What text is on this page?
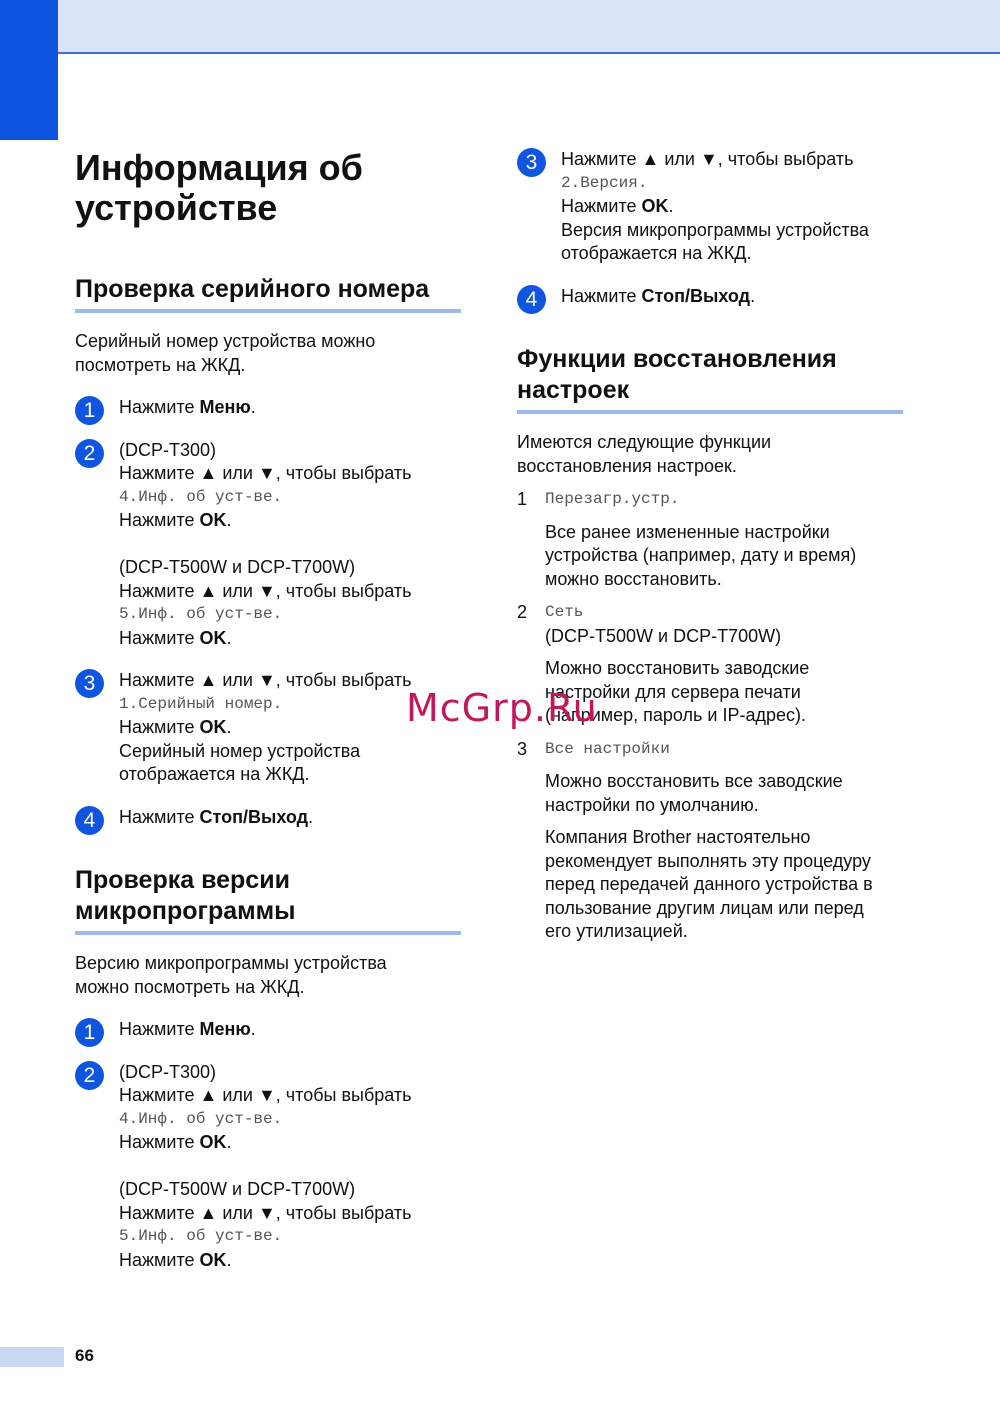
Информация об
устройстве
Проверка серийного номера

Серийный номер устройства можно
посмотреть на ЖКД.

1	Нажмите Меню.
2	(DCP-T300)
Нажмите ▲ или ▼, чтобы выбрать
4.Инф. об уст-ве.
Нажмите OK.
(DCP-T500W и DCP-T700W)
Нажмите ▲ или ▼, чтобы выбрать
5.Инф. об уст-ве.
Нажмите OK.
3	Нажмите ▲ или ▼, чтобы выбрать
1.Серийный номер.
Нажмите OK.
Серийный номер устройства
отображается на ЖКД.
4	Нажмите Стоп/Выход.
Проверка версии
микропрограммы

Версию микропрограммы устройства
можно посмотреть на ЖКД.

1	Нажмите Меню.
2	(DCP-T300)
Нажмите ▲ или ▼, чтобы выбрать
4.Инф. об уст-ве.
Нажмите OK.
(DCP-T500W и DCP-T700W)
Нажмите ▲ или ▼, чтобы выбрать
5.Инф. об уст-ве.
Нажмите OK.
3	Нажмите ▲ или ▼, чтобы выбрать
2.Версия.
Нажмите OK.
Версия микропрограммы устройства
отображается на ЖКД.
4	Нажмите Стоп/Выход.
Функции восстановления
настроек

Имеются следующие функции
восстановления настроек.

1 Перезагр.устр.
Все ранее измененные настройки
устройства (например, дату и время)
можно восстановить.
2 Сеть
(DCP-T500W и DCP-T700W)
Можно восстановить заводские
настройки для сервера печати
(например, пароль и IP-адрес).
3 Все настройки
Можно восстановить все заводские
настройки по умолчанию.
Компания Brother настоятельно
рекомендует выполнять эту процедуру
перед передачей данного устройства в
пользование другим лицам или перед
его утилизацией.
McGrp.Ru
66
